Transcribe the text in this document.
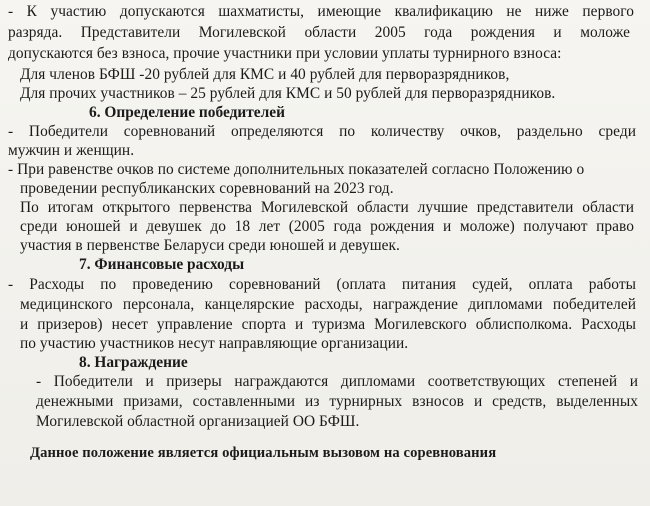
- К участию допускаются шахматисты, имеющие квалификацию не ниже первого
разряда. Представители Могилевской области 2005 года рождения и моложе
допускаются без взноса, прочие участники при условии уплаты турнирного взноса:
Для членов БФШ -20 рублей для КМС и 40 рублей для перворазрядников,
Для прочих участников – 25 рублей для КМС и 50 рублей для перворазрядников.
6. Определение победителей
- Победители соревнований определяются по количеству очков, раздельно среди
мужчин и женщин.
- При равенстве очков по системе дополнительных показателей согласно Положению о
проведении республиканских соревнований на 2023 год.
По итогам открытого первенства Могилевской области лучшие представители области
среди юношей и девушек до 18 лет (2005 года рождения и моложе) получают право
участия в первенстве Беларуси среди юношей и девушек.
7. Финансовые расходы
- Расходы по проведению соревнований (оплата питания судей, оплата работы
медицинского персонала, канцелярские расходы, награждение дипломами победителей
и призеров) несет управление спорта и туризма Могилевского облисполкома. Расходы
по участию участников несут направляющие организации.
8. Награждение
- Победители и призеры награждаются дипломами соответствующих степеней и
денежными призами, составленными из турнирных взносов и средств, выделенных
Могилевской областной организацией ОО БФШ.
Данное положение является официальным вызовом на соревнования
